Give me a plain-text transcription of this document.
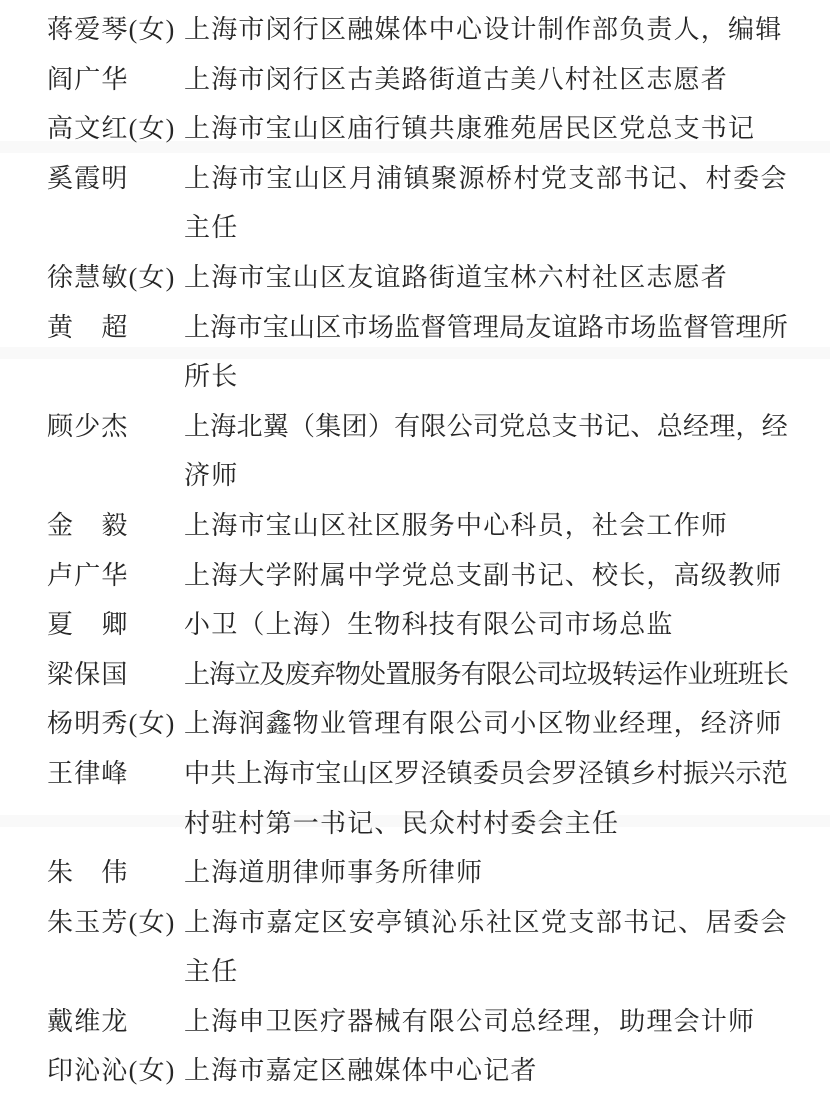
蒋爱琴(女) 上海市闵行区融媒体中心设计制作部负责人，编辑
阎广华	上海市闵行区古美路街道古美八村社区志愿者
高文红(女) 上海市宝山区庙行镇共康雅苑居民区党总支书记
奚霞明	上海市宝山区月浦镇聚源桥村党支部书记、村委会
主任
徐慧敏(女) 上海市宝山区友谊路街道宝林六村社区志愿者
黄　超	上海市宝山区市场监督管理局友谊路市场监督管理所
所长
顾少杰	上海北翼（集团）有限公司党总支书记、总经理，经
济师
金　毅	上海市宝山区社区服务中心科员，社会工作师
卢广华	上海大学附属中学党总支副书记、校长，高级教师
夏　卿	小卫（上海）生物科技有限公司市场总监
梁保国	上海立及废弃物处置服务有限公司垃圾转运作业班班长
杨明秀(女) 上海润鑫物业管理有限公司小区物业经理，经济师
王律峰	中共上海市宝山区罗泾镇委员会罗泾镇乡村振兴示范
村驻村第一书记、民众村村委会主任
朱　伟	上海道朋律师事务所律师
朱玉芳(女) 上海市嘉定区安亭镇沁乐社区党支部书记、居委会
主任
戴维龙	上海申卫医疗器械有限公司总经理，助理会计师
印沁沁(女) 上海市嘉定区融媒体中心记者
